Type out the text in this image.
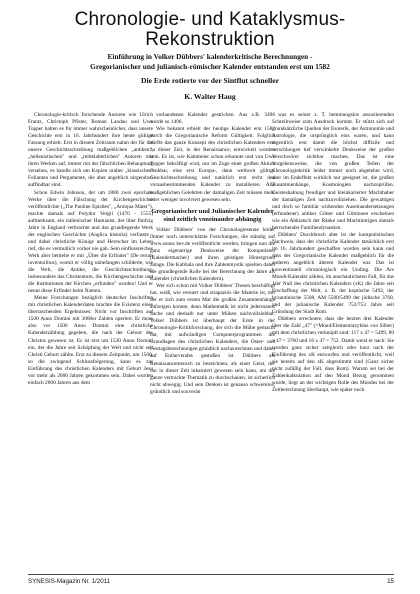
Chronologie- und Kataklysmus-Rekonstruktion
Einführung in Volker Dübbers' kalenderkritische Berechnungen -
Gregorianischer und julianisch-römischer Kalender entstanden erst um 1582
Die Erde rotierte vor der Sintflut schneller
K. Walter Haug

Chronologie-kritisch forschende Autoren wie Ulrich Frantz, Christoph Pfister, Roman Landau und Uwe Topper halten es für immer wahrscheinlicher, dass unsere Geschichte erst in 16. Jahrhundert ihre heute gültige Fassung erhielt. Erst in diesem Zeitraum nahm der für die unsere Geschichtsschreibung maßgeblichen „antiken", „hellenistischen" und „mittelalterlichen" Autoren mit ihren Werken auf, immer mit der fälschlichen Behauptung versehen, es handle sich um Kopien uralter „klassischer" Folianten und Pergamente, die aber angeblich nirgendwo auffindbar sind.

Schon Edwin Johnson, der um 1880 zwei epochale Werke über die Fälschung der Kirchengeschichte veröffentlichte („The Pauline Epistles", „Antiqua Mater"), machte damals auf Polydor Vergil (1470 - 1555) aufmerksam, ein italienischer Humanist, der über fünfzig Jahre in England verbrachte und das grundlegende Werk der englischen Geschichte (Anglica historia) verfasste - und dabei christliche Könige und Herrscher im Leben rief, die es vermutlich vorher nie gab. Sein einflussreiches Werk aber betitelte er mit „Über die Erfinder" (De rerum inventoribus), womit er völlig unbefangen schilderte, wie die Welt, die Antike, die Geschichtsschreibung, insbesondere das Christentum, die Kirchengeschichte und die Institutionen der Kirchen „erfunden" wurden! Und er nennt diese Erfinder beim Namen.

Meine Forschungen bezüglich deutscher Inschriften mit christlichen Kalenderdaten brachte die Existenz eines überraschenden Ergebnisses: Nicht vor Inschriften auf 1500 Anno Domini mit 3000er Zahlen operiert. Er muss also vor 1500 Anno Domini eine christliche Kalenderzählung gegeben, die nach der Geburt des Christus gewesen ist. Es ist erst um 1530 Anno Domini ein, der die Jahre seit Schöpfung der Welt und nicht seit Christi Geburt zählte. Erst zu diesem Zeitpunkt, um 1500, so die zwingend Schlussfolgerung, kann es zur Einführung des christlichen Kalenders mit Geburt Jesu vor mehr als 2000 Jahren gekommen sein. Dabei wurden einfach 2000 Jahren aus dem

vorhandenen Kalender gestrichen. Aus z.B. 3496 wurde so 1496.

Wie bekannt erhielt der heutige Kalender erst 1582 durch die Gregorianische Reform Gültigkeit. Folglich dürfte das ganze Konzept des christlichen Kalenders erst zu dieser Zeit, in der Renaissance, entwickelt worden sein. Es ist, wie Kammeier schon erkannte und von Uwe Topper bekräftigt wird, nur im Zuge einer großen Aktion denkbar, eine erst Europa-, dann weltweit gültige Geschichtsschreibung und natürlich erst recht den vorausbestimmenden Kalender zu installieren. Alle maßgeblichen Gelehrten der damaligen Zeit müssen mehr oder weniger involviert gewesen sein.

Gregorianischer und Julianischer Kalender sind zeitlich voneinander abhängig

Volker Dübbers' von der Chronologiesenne leider immer noch unterschätzte Forschungen, die ständig auf www.sonns kev.de veröffentlicht werden, bringen nun die ganz eigenartige Denkweise der Komputisten (Kalendermacher) und ihren geistigen Hintergrund zutage. Die Kabbala und ihre Zahlenmystik spielten dabei die grundlegende Rolle bei der Berechnung der Jahre als Kalender (christlichen Kalendern).

Wer sich schon mit Volker Dübbers' Thesen beschäftigt hat, weiß, wie versiert und strapaziös die Materie ist, mit der er sich zum ersten Mal die großen Zusammenhänge aufzeigen konnte, denn Mathematik ist nicht jedermanns Sache und deshalb nur unter Mühen nachvollziehbar. Volker Dübbers ist überhaupt der Erste in der Chronologie-Kritikforschung, der sich die Mühe gemacht hat, mit aufwändigen Computerprogrammen die Grundlagen des christlichen Kalenders, die Oster- und Festtagsberechnungen gründlich nachzurechnen und dabei auf Entlarvendes gestoßen ist. Dübbers als Renaissancemensch zu bezeichnen, als einer Geist, der nur in dieser Zeit inkarniert gewesen sein kann, um die ganze vertrackte Thematik zu durchschauen, ist sicherlich nicht abwegig. Und sein Denken ist genauso schwerelos, gründlich und souverän

was es seiner z. T. hemmungslos assoziierenden Schreibweise zum Ausdruck kommt. Er stützt sich auf grundsätzliche Quellen der Esoterik, der Astronomie und Astrologie, die ursprünglich eins waren, und kann eigentlich erst damit die höchst diffizile und verschlungen tief verwinkelte Denkweise der großen Verschwörer sichtbar machen. Das ist eine Vorgehensweise, die von großen Teilen der Chronologiekritik leider immer noch abgelehnt wird, aber im Endeffekt wirklich nur geeignet ist, die großen Zusammenhänge, Kosmologien nachzuprüfen. Geisteshaltung freudiger und kleinkarierter Machthaber der damaligen Zeit nachzuvollziehen. Die gewaltigen und doch so familiär wirkenden Auseinandersetzungen (erfundener) antiker Götter und Göttinnen erscheinen wie ein Abklatsch der Ränke und Machtintrigen damals herrschender Familiendynastien.

Dübbers' Durchbruch aber ist der komputistischen Nachweis, dass der christliche Kalender tatsächlich erst im 16. Jahrhundert geschaffen worden sein kann und dass der Gregorianische Kalender maßgeblich für die anderen angeblich älteren Kalender war. Das ist konventionell chronologisch ein Unding. Die Ars Mundi-Kalender zählen, im anschaulichsten Fall, für das Jahr Null des christlichen Kalenders (xK) die Jahre seit Erschaffung der Welt, z. B. der koptische 5492, der byzantinische 5508, AM 5500/5499 der jüdische 3760, und der julianische Kalender 752/753 Jahre seit Gründung der Stadt Rom.

Dübbers errechnete, dass die letzten drei Kalender über die Zahl „47" (=Mond/Elementarzyklus von Silber) mit dem christlichen verknüpft sind: 117 x 47 = 5499, 80 x 47 = 3760 und 16 x 47 = 752. Damit weist er nach: Sie wurden ganz sicher zeitgleich oder kurz nach der Einführung des xK entworfen und veröffentlicht, weil sie bereits auf den xK abgestimmt sind (Ganz sicher nicht zufällig der Fall, dass Rom). Warum sei bei der Zahlenkalkulation auf den Mond Bezug genommen wurde, liegt an der wichtigen Rolle des Mondes bei der Zeitberechnung überhaupt, wie später noch

SYNESIS-Magazin Nr. 1/2011	15
